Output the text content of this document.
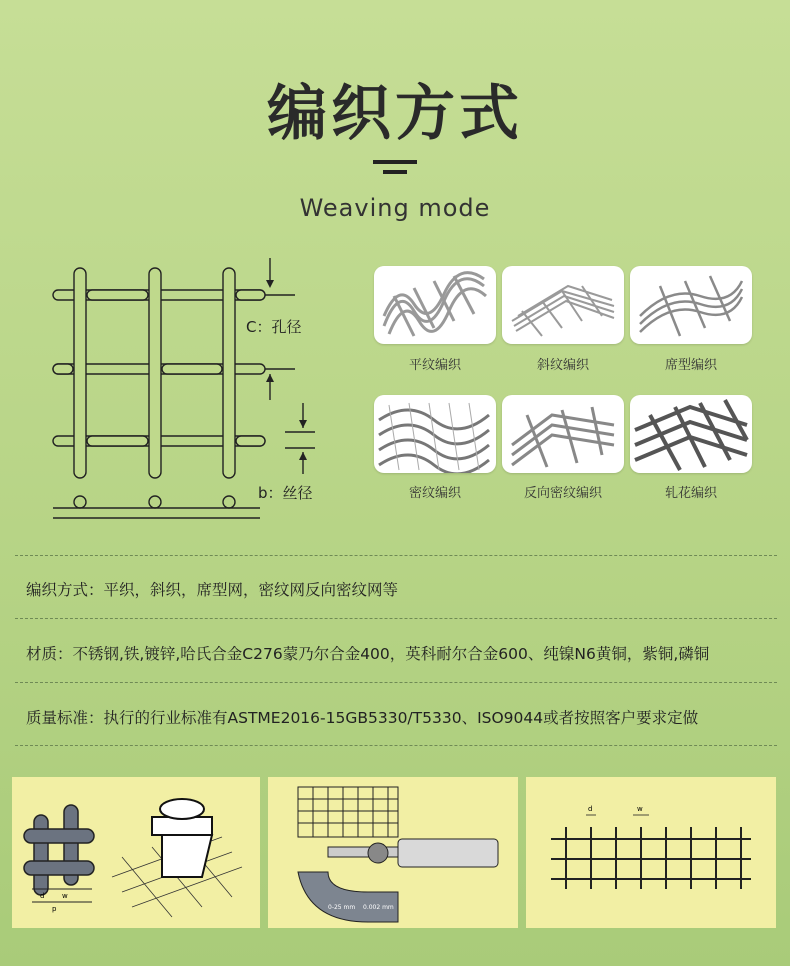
编织方式
Weaving mode
C：孔径
b：丝径
平纹编织	斜纹编织	席型编织
密纹编织	反向密纹编织	轧花编织
编织方式：平织，斜织，席型网，密纹网反向密纹网等
材质：不锈钢,铁,镀锌,哈氏合金C276蒙乃尔合金400，英科耐尔合金600、纯镍N6黄铜，紫铜,磷铜
质量标准：执行的行业标准有ASTME2016-15GB5330/T5330、ISO9044或者按照客户要求定做
d	w
p	0-25 mm 0.002 mm
d	w
